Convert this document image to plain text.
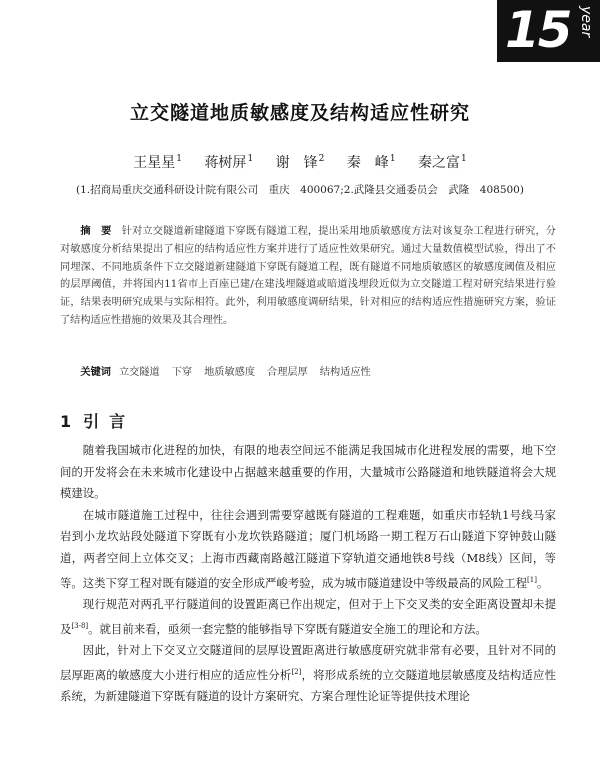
15 year
立交隧道地质敏感度及结构适应性研究
王星星$^1$ 蒋树屏$^1$ 谢　锋$^2$ 秦　峰$^1$ 秦之富$^1$
(1.招商局重庆交通科研设计院有限公司　重庆　400067;2.武隆县交通委员会　武隆　408500)
摘　要　 针对立交隧道新建隧道下穿既有隧道工程，提出采用地质敏感度方法对该复杂工程进行研究，分对敏感度分析结果提出了相应的结构适应性方案并进行了适应性效果研究。通过大量数值模型试验，得出了不同埋深、不同地质条件下立交隧道新建隧道下穿既有隧道工程，既有隧道不同地质敏感区的敏感度阈值及相应的层厚阈值，并将国内11省市上百座已建/在建浅埋隧道或暗道浅埋段近似为立交隧道工程对研究结果进行验证，结果表明研究成果与实际相符。此外，利用敏感度调研结果，针对相应的结构适应性措施研究方案，验证了结构适应性措施的效果及其合理性。
关键词 立交隧道 下穿 地质敏感度 合理层厚 结构适应性
1 引言

随着我国城市化进程的加快，有限的地表空间远不能满足我国城市化进程发展的需要，地下空间的开发将会在未来城市化建设中占据越来越重要的作用，大量城市公路隧道和地铁隧道将会大规模建设。

在城市隧道施工过程中，往往会遇到需要穿越既有隧道的工程难题，如重庆市轻轨1号线马家岩到小龙坎站段处隧道下穿既有小龙坎铁路隧道；厦门机场路一期工程万石山隧道下穿钟鼓山隧道，两者空间上立体交叉；上海市西藏南路越江隧道下穿轨道交通地铁8号线（M8线）区间，等等。这类下穿工程对既有隧道的安全形成严峻考验，成为城市隧道建设中等级最高的风险工程[1]。

现行规范对两孔平行隧道间的设置距离已作出规定，但对于上下交叉类的安全距离设置却未提及[3-8]。就目前来看，亟须一套完整的能够指导下穿既有隧道安全施工的理论和方法。

因此，针对上下交叉立交隧道间的层厚设置距离进行敏感度研究就非常有必要，且针对不同的层厚距离的敏感度大小进行相应的适应性分析[2]，将形成系统的立交隧道地层敏感度及结构适应性系统，为新建隧道下穿既有隧道的设计方案研究、方案合理性论证等提供技术理论
